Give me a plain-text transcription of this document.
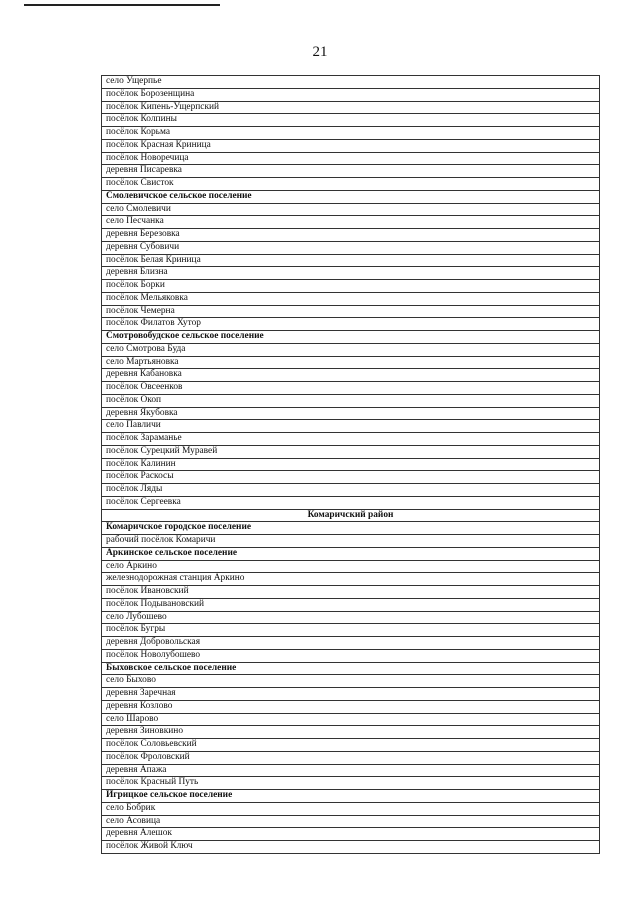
21
село Ущерпье
посёлок Борозенщина
посёлок Кипень-Ущерпский
посёлок Колпины
посёлок Корьма
посёлок Красная Криница
посёлок Новоречица
деревня Писаревка
посёлок Свисток
Смолевичское сельское поселение
село Смолевичи
село Песчанка
деревня Березовка
деревня Субовичи
посёлок Белая Криница
деревня Близна
посёлок Борки
посёлок Мельяковка
посёлок Чемерна
посёлок Филатов Хутор
Смотровобудское сельское поселение
село Смотрова Буда
село Мартьяновка
деревня Кабановка
посёлок Овсеенков
посёлок Окоп
деревня Якубовка
село Павличи
посёлок Зараманье
посёлок Сурецкий Муравей
посёлок Калинин
посёлок Раскосы
посёлок Ляды
посёлок Сергеевка
Комаричский район
Комаричское городское поселение
рабочий посёлок Комаричи
Аркинское сельское поселение
село Аркино
железнодорожная станция Аркино
посёлок Ивановский
посёлок Подывановский
село Лубошево
посёлок Бугры
деревня Добровольская
посёлок Новолубошево
Быховское сельское поселение
село Быхово
деревня Заречная
деревня Козлово
село Шарово
деревня Зиновкино
посёлок Соловьевский
посёлок Фроловский
деревня Апажа
посёлок Красный Путь
Игрицкое сельское поселение
село Бобрик
село Асовица
деревня Алешок
посёлок Живой Ключ
